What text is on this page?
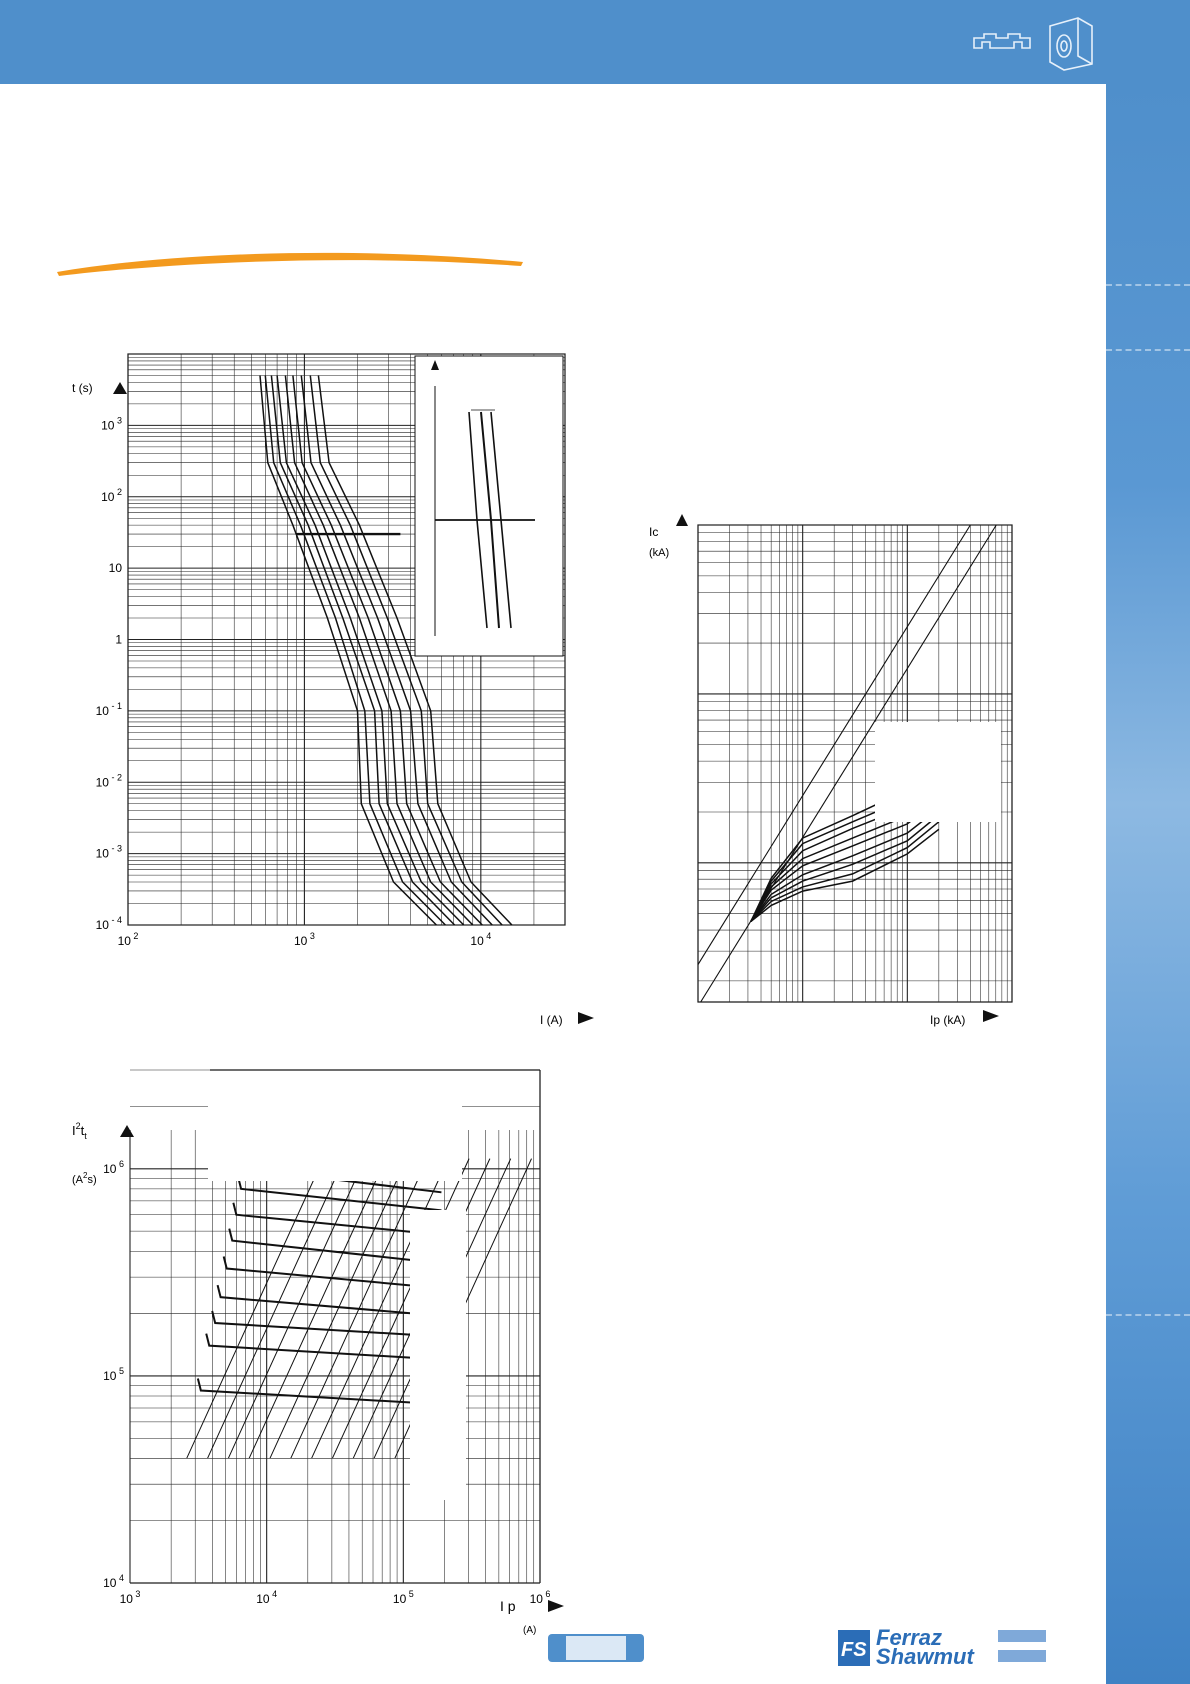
10 $^3$
10 $^2$
10
1
10 $^{- 1}$
10 $^{- 2}$
10 $^{- 3}$
10 $^{- 4}$
10 $^2$	10 $^3$	10 $^4$
t (s)
I (A)
Ic
(kA)
Ip (kA)
10 $^3$	10 $^4$	10 $^5$	10 $^6$
10 $^6$
10 $^5$
10 $^4$
$I^2t_t$
$(A^2s)$
I p
(A)
FS Ferraz
Shawmut
